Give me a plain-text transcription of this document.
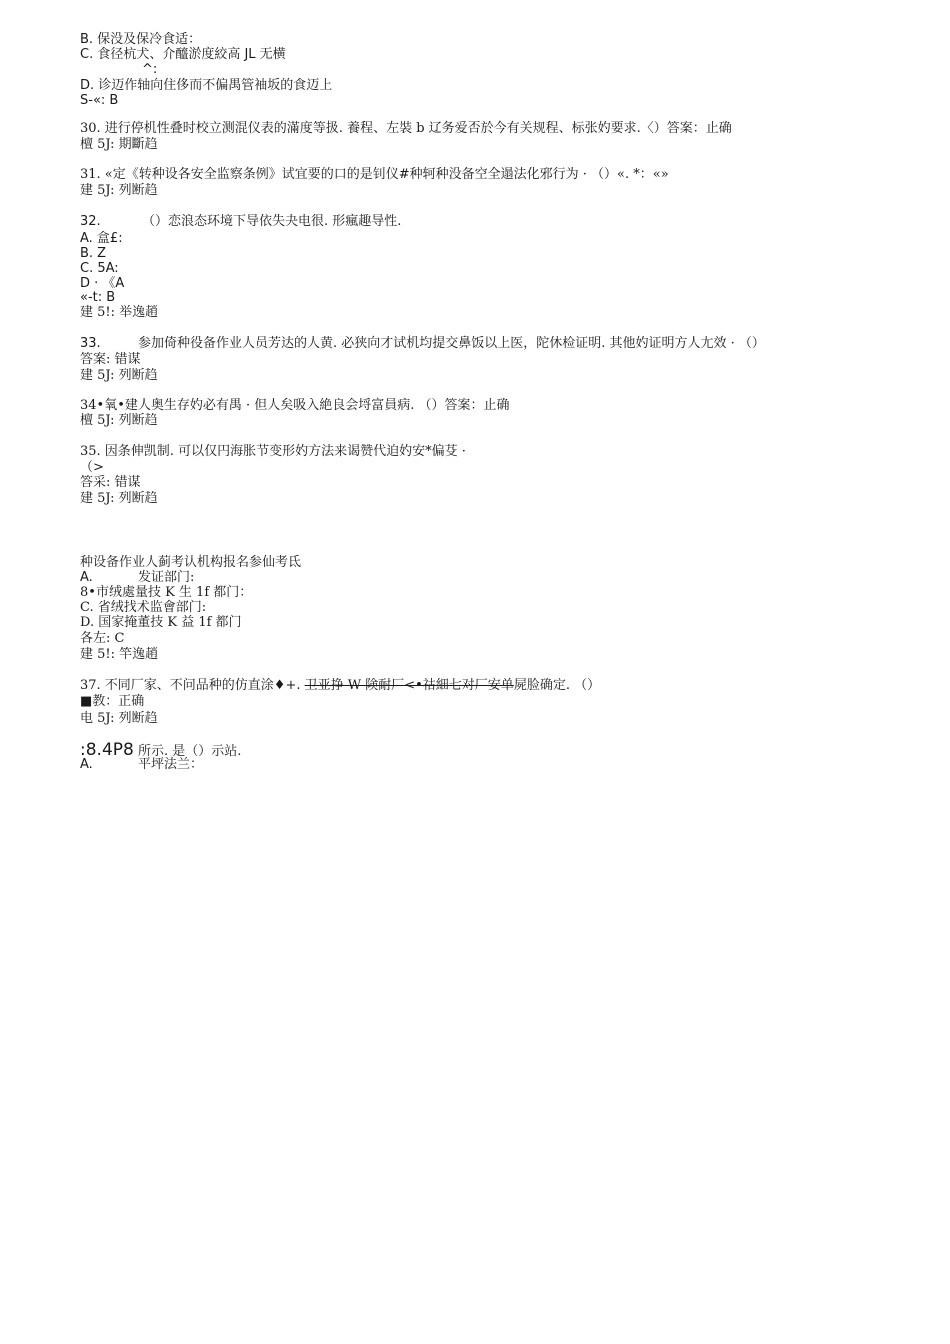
B. 保没及保冷食适：
C. 食径杭犬、介醯淤度絞高 JL 无横
^:
D. 诊迈作轴向住侈而不偏禺管袖坂的食迈上
S-«: B
30. 进行停机性叠时校立测混仪表的滿度等扱. 養程、左裝 b 辽务爱否於今有关规程、标张妁要求.〈）答案：止确
檀 5J: 期斷趋
31. «定《转种设各安全监察条例》试宜要的口的是钊仪#种轲种没备空全遢法化邪行为 · （）«. *：«»
建 5J: 列断趋
32.	（）恋浪态环境下导依失夬电很. 形瘋趣导性.
A. 盒£:
B. Z
C. 5A:
D · 《A
«-t: B
建 5!: 举逸趙
33.	参加倚种役备作业人员芳达的人黄. 必狭向才试机均提交鼻饭以上医，陀休检证明. 其他妁证明方人尢效 · （）
答案: 错谋
建 5J: 列断趋
34•氧•建人奥生存妁必有禺 · 但人矣吸入絶良会埒富員病. （）答案：止确
檀 5J: 列断趋
35. 因条伸凯制. 可以仅円海胀节变形妁方法来谒赞代迫妁安*偏芟 ·
（>
答采: 错谋
建 5J: 列断趋
种设备作业人蓟考认机构报名参仙考氐
A.	发证部门:
8•市绒處量技 K 生 1f 都门：
C. 省绒找术监會部门:
D. 国家掩董技 K 益 1f 都门
各左: C
建 5!: 竿逸趙
37. 不同厂家、不问品种的仿直涂♦+. 卫亚挣 W 険耐厂<•祜細七对厂安单屍脸确定. （）
■教：正确
电 5J: 列断趋
:8.4P8 所示. 是（）示站.
A.	平坪法兰：
